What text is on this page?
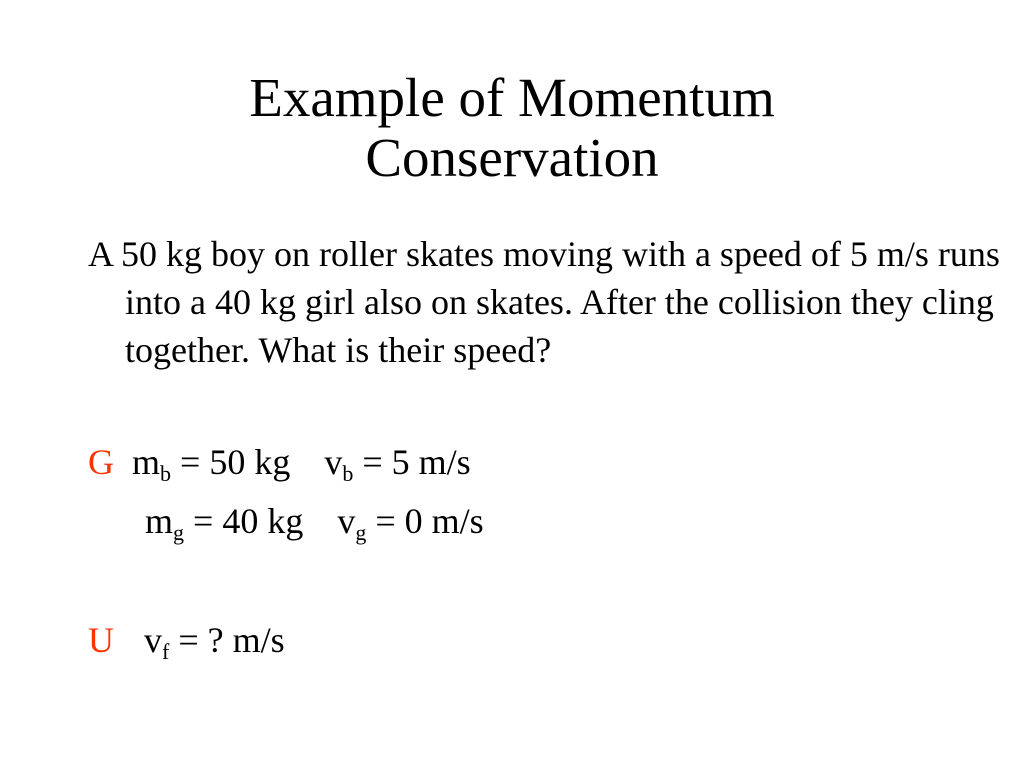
Example of Momentum
Conservation
A 50 kg boy on roller skates moving with a speed of 5 m/s runs into a 40 kg girl also on skates. After the collision they cling together. What is their speed?
G $m_b = 50$ kg $v_b = 5$ m/s
$m_g = 40$ kg $v_g = 0$ m/s
U $v_f$ = ? m/s
